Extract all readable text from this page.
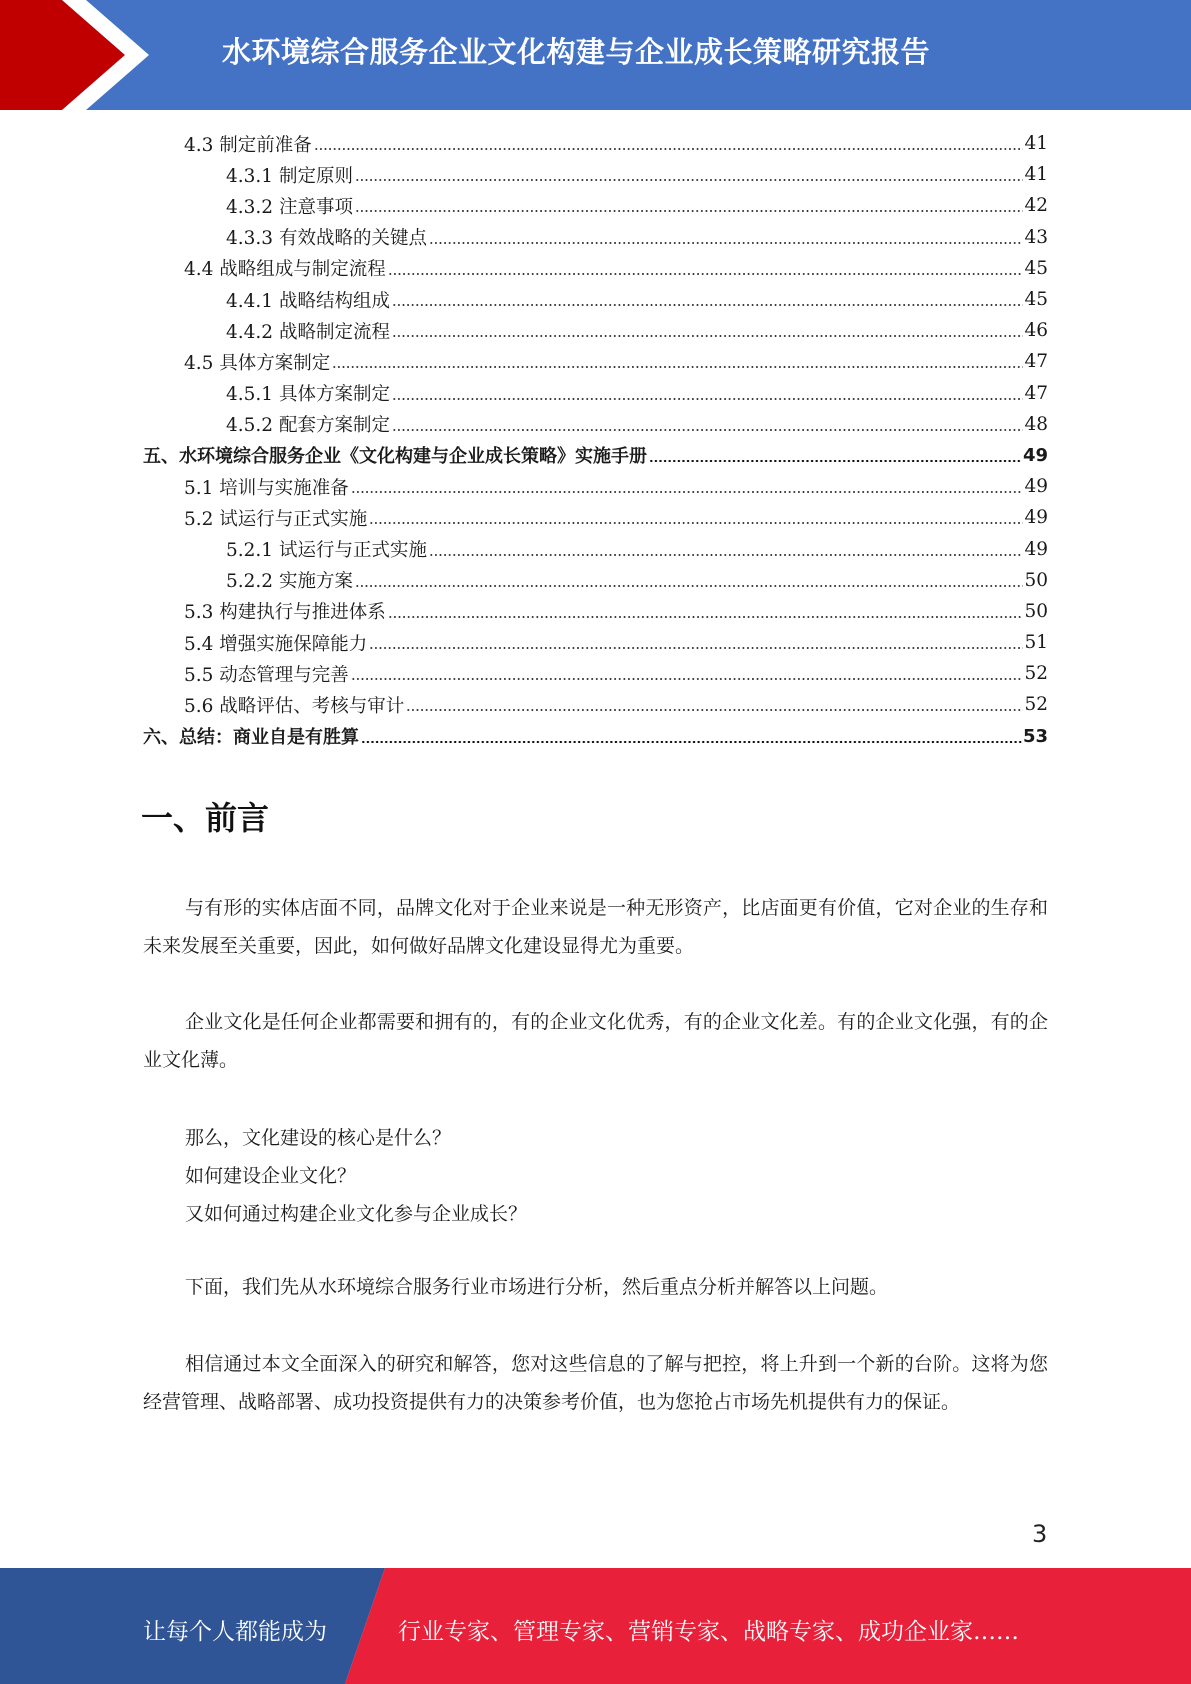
水环境综合服务企业文化构建与企业成长策略研究报告
4.3 制定前准备	41
4.3.1 制定原则	41
4.3.2 注意事项	42
4.3.3 有效战略的关键点	43
4.4 战略组成与制定流程	45
4.4.1 战略结构组成	45
4.4.2 战略制定流程	46
4.5 具体方案制定	47
4.5.1 具体方案制定	47
4.5.2 配套方案制定	48
五、水环境综合服务企业《文化构建与企业成长策略》实施手册	49
5.1 培训与实施准备	49
5.2 试运行与正式实施	49
5.2.1 试运行与正式实施	49
5.2.2 实施方案	50
5.3 构建执行与推进体系	50
5.4 增强实施保障能力	51
5.5 动态管理与完善	52
5.6 战略评估、考核与审计	52
六、总结：商业自是有胜算	53
一、前言

与有形的实体店面不同，品牌文化对于企业来说是一种无形资产，比店面更有价值，它对企业的生存和未来发展至关重要，因此，如何做好品牌文化建设显得尤为重要。

企业文化是任何企业都需要和拥有的，有的企业文化优秀，有的企业文化差。有的企业文化强，有的企业文化薄。

那么，文化建设的核心是什么？
如何建设企业文化？
又如何通过构建企业文化参与企业成长？

下面，我们先从水环境综合服务行业市场进行分析，然后重点分析并解答以上问题。

相信通过本文全面深入的研究和解答，您对这些信息的了解与把控，将上升到一个新的台阶。这将为您经营管理、战略部署、成功投资提供有力的决策参考价值，也为您抢占市场先机提供有力的保证。

3
让每个人都能成为	行业专家、管理专家、营销专家、战略专家、成功企业家……
